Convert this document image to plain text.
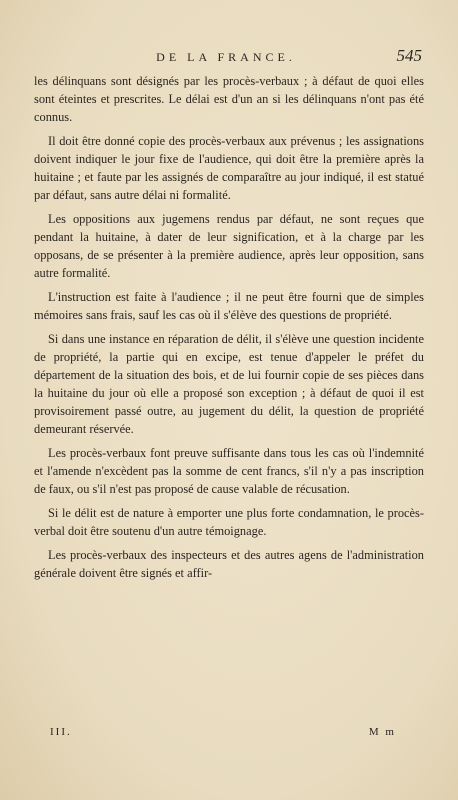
DE LA FRANCE.	545

les délinquans sont désignés par les procès-verbaux ; à défaut de quoi elles sont éteintes et prescrites. Le délai est d'un an si les délinquans n'ont pas été connus.

Il doit être donné copie des procès-verbaux aux prévenus ; les assignations doivent indiquer le jour fixe de l'audience, qui doit être la première après la huitaine ; et faute par les assignés de comparaître au jour indiqué, il est statué par défaut, sans autre délai ni formalité.

Les oppositions aux jugemens rendus par défaut, ne sont reçues que pendant la huitaine, à dater de leur signification, et à la charge par les opposans, de se présenter à la première audience, après leur opposition, sans autre formalité.

L'instruction est faite à l'audience ; il ne peut être fourni que de simples mémoires sans frais, sauf les cas où il s'élève des questions de propriété.

Si dans une instance en réparation de délit, il s'élève une question incidente de propriété, la partie qui en excipe, est tenue d'appeler le préfet du département de la situation des bois, et de lui fournir copie de ses pièces dans la huitaine du jour où elle a proposé son exception ; à défaut de quoi il est provisoirement passé outre, au jugement du délit, la question de propriété demeurant réservée.

Les procès-verbaux font preuve suffisante dans tous les cas où l'indemnité et l'amende n'excèdent pas la somme de cent francs, s'il n'y a pas inscription de faux, ou s'il n'est pas proposé de cause valable de récusation.

Si le délit est de nature à emporter une plus forte condamnation, le procès-verbal doit être soutenu d'un autre témoignage.

Les procès-verbaux des inspecteurs et des autres agens de l'administration générale doivent être signés et affir-

III.	M m
